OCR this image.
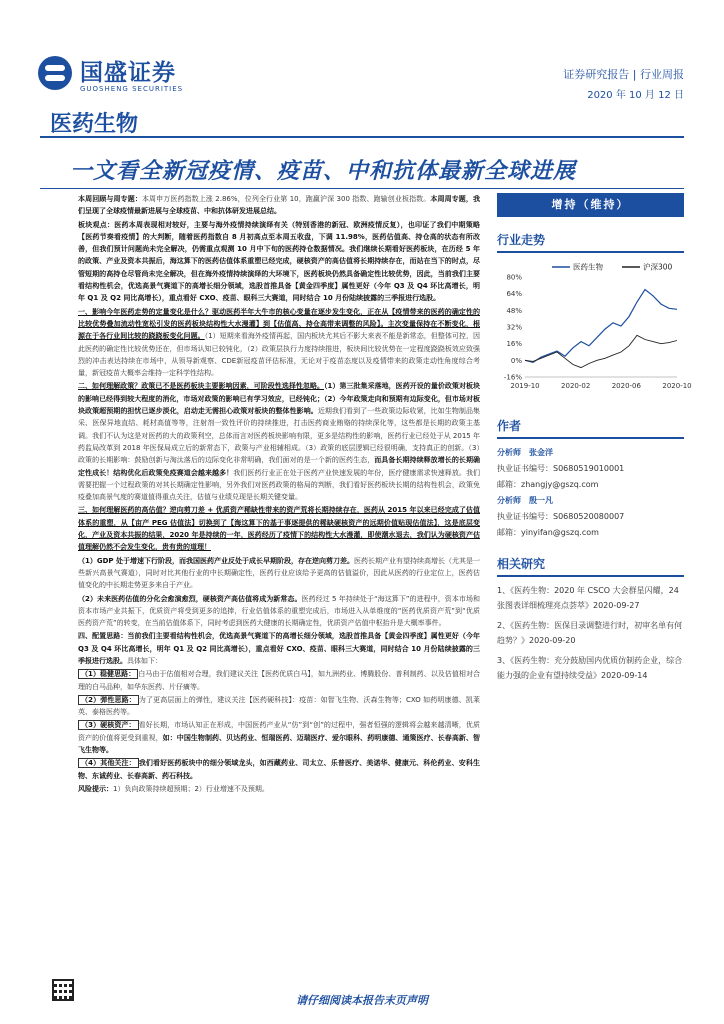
国盛证券
GUOSHENG SECURITIES
证券研究报告 | 行业周报
2020 年 10 月 12 日
医药生物
一文看全新冠疫情、疫苗、中和抗体最新全球进展

本周回顾与周专题：本周申万医药指数上涨 2.86%，位列全行业第 10，跑赢沪深 300 指数、跑输创业板指数。本周周专题，我们呈现了全球疫情最新进展与全球疫苗、中和抗体研发进展总结。

板块观点：医药本周表现相对较好，主要与海外疫情持续演绎有关（特别香港的新冠、欧洲疫情反复），也印证了我们中期策略【医药节奏看疫情】的大判断，随着医药指数自 8 月初高点至本周五收盘，下调 11.98%，医药估值高、持仓高的状态有所改善，但我们预计问题尚未完全解决，仍需重点观测 10 月中下旬的医药持仓数据情况。我们继续长期看好医药板块，在历经 5 年的政策、产业及资本共振后，海这算下的医药估值体系重塑已经完成，硬核资产的高估值将长期持续存在，而站在当下的时点，尽管短期的高持仓尽管尚未完全解决，但在海外疫情持续演绎的大环境下，医药板块仍然具备确定性比较优势，因此，当前我们主要看结构性机会，优选高景气赛道下的高增长细分领域，选股首推具备【黄金四季度】属性更好（今年 Q3 及 Q4 环比高增长，明年 Q1 及 Q2 同比高增长），重点看好 CXO、疫苗、眼科三大赛道，同时结合 10 月份陆续披露的三季报进行选股。

一、影响今年医药走势的定量变化是什么？驱动医药半年大牛市的核心变量在逐步发生变化，正在从【疫情带来的医药的确定性的比较优势叠加流动性宽松引发的医药板块结构性大水漫灌】到【估值高、持仓高带来调整的风险】。主次变量保持在不断变化，根源在于各行业间比较的跷跷板变化问题。（1）短期来看海外疫情再起，国内板块尤其后不影大来表不能是新常态，但整体可控，因此医药的确定性比较优势还在，但市场认知已较钝化，（2）政策层执行力度持续推进，板块间比较优势在一定程度跷跷板效应致强烈的冲击表达持续在市场中，从领导新观察、CDE新冠疫苗评估标准，无论对于疫苗态度以及疫情带来的政策走动性角度综合考量，新冠疫苗大概率会维持一定科学性结构。

二、如何理解政策？政策已不是医药板块主要影响因素，可阶段性选择性忽略。（1）第三批集采落地，医药开设的量价政策对板块的影响已经得到较大程度的消化，市场对政策的影响已有学习效应，已经钝化；（2）今年政策走向和预期有边际变化，但市场对板块政策超预期的担忧已逐步淡化，启动走无需担心政策对板块的整体性影响。近期我们看到了一些政策边际收紧，比如生物制品集采、医保异地直结、耗材高值等等，注射剂一致性评价的持续推进，打击医药商业贿赂的持续深化等，这些都是长期的政策主基调。我们不认为这是对医药的大的政策利空，总体而言对医药板块影响有限，更多是结构性的影响，医药行业已经处于从 2015 年药监局改革到 2018 年医保局成立后的新常态下，政策与产业相辅相成。（3）政策的底层逻辑已经很明确，支持真正的创新。（3）政策的长期影响：鼓励创新与淘汰落后的边际变化非常明确，我们面对的是一个新的医药生态，而具备长期持续释放增长的长期确定性成长！结构优化后政策免疫赛道会越来越多！我们医药行业正在处于医药产业快速发展的年份，医疗健康需求快速释放。我们需要把握一个过程政策的对其长期确定性影响，另外我们对医药政策的格局的判断，我们看好医药板块长期的结构性机会，政策免疫叠加高景气度的赛道值得重点关注，估值与业绩兑现是长期关键变量。

三、如何理解医药的高估值？逆向剪刀差 + 优质资产稀缺性带来的资产荒将长期持续存在，医药从 2015 年以来已经完成了估值体系的重塑，从【亩产 PEG 估值法】切换到了【海这算下的基于事逐提供的稀缺硬核资产的远期价值贴现估值法】，这是底层变化，产业及资本共振的结果，2020 年是持续的一年，医药经历了疫情下的结构性大水漫灌，即使潮水退去，我们认为硬核资产估值理解仍然不会发生变化，贵有贵的道理！

（1）GDP 处于增速下行阶段，而我国医药产业反处于成长早期阶段，存在逆向剪刀差。医药长期产业有望持续高增长（尤其是一些新兴高景气赛道），同时对比其他行业的中长期确定性，医药行业应该给予更高的估值溢价，因此从医药的行业定位上，医药估值变化的中长期走势更多来自于产业。

（2）未来医药估值的分化会愈演愈烈，硬核资产高估值将成为新常态。医药经过 5 年持续处于“海这算下”的进程中，资本市场和资本市场产业共振下，优质资产将受到更多的追捧，行业估值体系的重塑完成后，市场进入从单维度的“医药优质资产荒”到“优质医药资产荒”的转变，在当前估值体系下，同时考虑到医药大健康的长期确定性，优质资产估值中枢抬升是大概率事件。

四、配置思路：当前我们主要看结构性机会，优选高景气赛道下的高增长细分领域，选股首推具备【黄金四季度】属性更好（今年 Q3 及 Q4 环比高增长，明年 Q1 及 Q2 同比高增长），重点看好 CXO、疫苗、眼科三大赛道，同时结合 10 月份陆续披露的三季报进行选股。具体如下：

（1）稳健思路： 白马由于估值相对合理，我们建议关注【医药优质白马】，如九洲药业、博腾股份、普利制药、以及估值相对合理的白马品种，如华东医药、片仔癀等。

（2）弹性思路： 为了更高层面上的弹性，建议关注【医药硬科技】：疫苗：如智飞生物、沃森生物等；CXO 如药明康德、凯莱英、泰格医药等。

（3）硬核资产： 看好长期，市场认知正在形成，中国医药产业从“仿”到“创”的过程中，强者恒强的逻辑将会越来越清晰，优质资产的价值将更受到重视，如：中国生物制药、贝达药业、恒瑞医药、迈瑞医疗、爱尔眼科、药明康德、通策医疗、长春高新、智飞生物等。

（4）其他关注： 我们看好医药板块中的细分领域龙头，如西藏药业、司太立、乐普医疗、美诺华、健康元、科伦药业、安科生物、东诚药业、长春高新、药石科技。

风险提示：1）负向政策持续超预期；2）行业增速不及预期。

增持（维持）
行业走势
80%
64%
48%
32%
16%
0%
-16%
2019-10	2020-02	2020-06	2020-10
医药生物	沪深300
作者
分析师 张金洋
执业证书编号：S0680519010001
邮箱：zhangjy@gszq.com
分析师 殷一凡
执业证书编号：S0680520080007
邮箱：yinyifan@gszq.com
相关研究
1、《医药生物：2020 年 CSCO 大会群星闪耀，24 张图表详细梳理亮点荟萃》2020-09-27
2、《医药生物：医保目录调整进行时，初审名单有何趋势？》2020-09-20
3、《医药生物：充分鼓励国内优质仿制药企业，综合能力强的企业有望持续受益》2020-09-14
请仔细阅读本报告末页声明
